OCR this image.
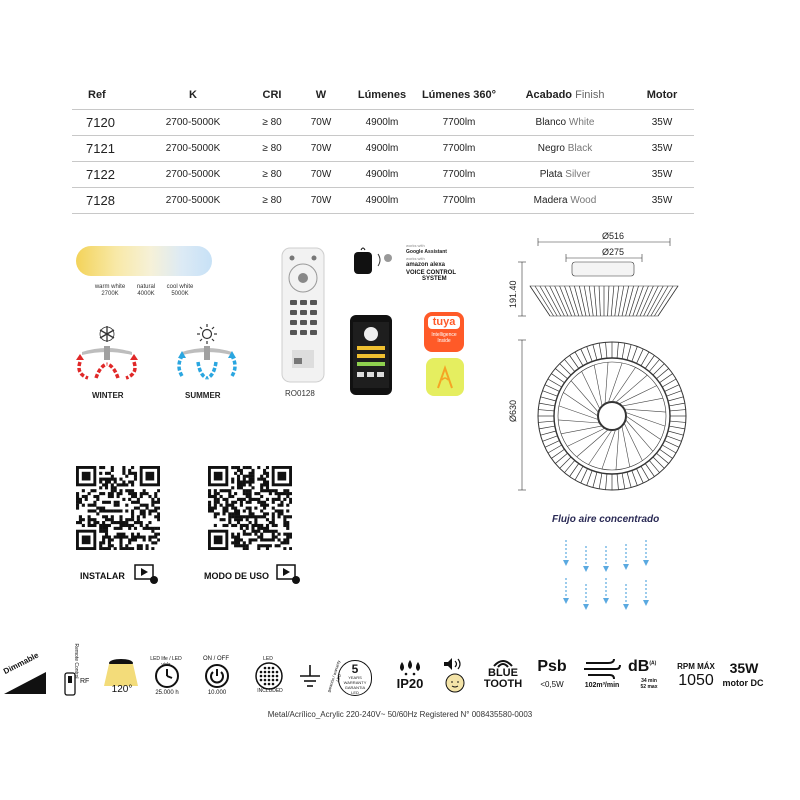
Ref	K	CRI	W	Lúmenes	Lúmenes 360°	Acabado Finish	Motor
7120	2700-5000K	≥ 80	70W	4900lm	7700lm	Blanco White	35W
7121	2700-5000K	≥ 80	70W	4900lm	7700lm	Negro Black	35W
7122	2700-5000K	≥ 80	70W	4900lm	7700lm	Plata Silver	35W
7128	2700-5000K	≥ 80	70W	4900lm	7700lm	Madera Wood	35W
warm white
2700K
natural
4000K
cool white
5000K
WINTER	SUMMER	RO0128
works with
Google Assistant
works with
amazon alexa
VOICE CONTROL
SYSTEM
tuya
Intelligence
Inside
Ø516
Ø275
191.40
Ø630
Flujo aire concentrado
INSTALAR	MODO DE USO
Dimmable	Remote Control
RF
120°
LED life / LED vida
25.000 h
ON / OFF
10.000
LED
INCLUDED
5
YEARS
WARRANTY
GARANTIA
LED
garantía / warranty LED	IP20
BLUE
TOOTH
Psb
<0,5W	102m³/min
$dB^{(A)}$
34 min
52 max
RPM MÁX
1050
35W
motor DC
Metal/Acrílico_Acrylic 220-240V~ 50/60Hz Registered N° 008435580-0003
